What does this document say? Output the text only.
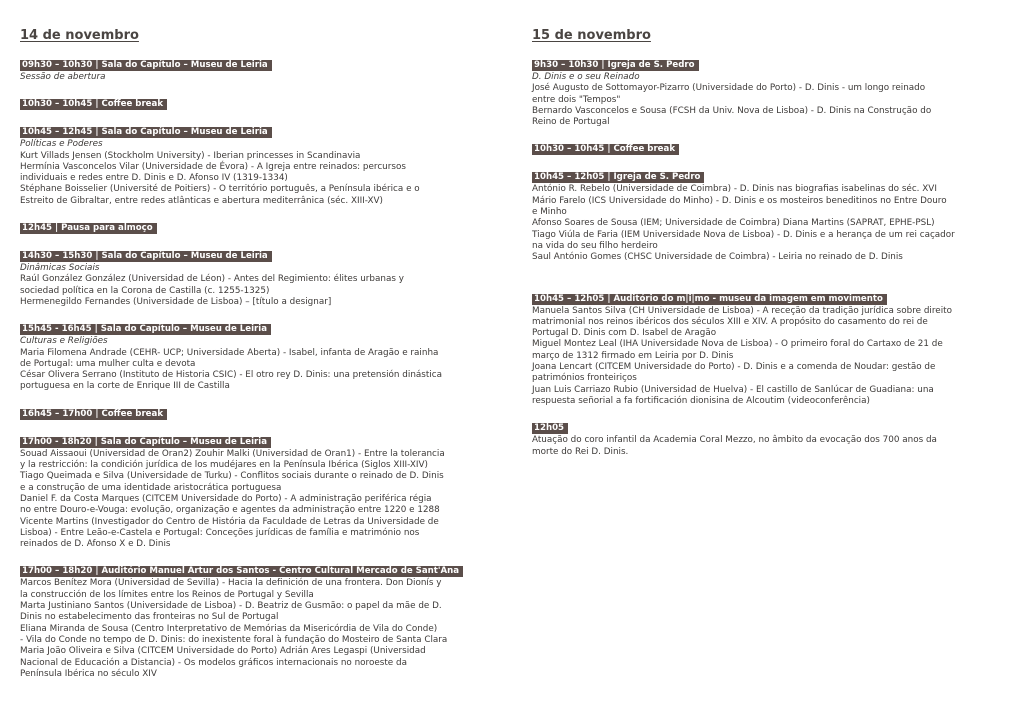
14 de novembro
09h30 – 10h30 | Sala do Capítulo – Museu de Leiria
Sessão de abertura
10h30 – 10h45 | Coffee break
10h45 – 12h45 | Sala do Capítulo – Museu de Leiria
Políticas e Poderes
Kurt Villads Jensen (Stockholm University) - Iberian princesses in Scandinavia
Hermínia Vasconcelos Vilar (Universidade de Évora) - A Igreja entre reinados: percursos
individuais e redes entre D. Dinis e D. Afonso IV (1319-1334)
Stéphane Boisselier (Université de Poitiers) - O território português, a Península ibérica e o
Estreito de Gibraltar, entre redes atlânticas e abertura mediterrânica (séc. XIII-XV)
12h45 | Pausa para almoço
14h30 – 15h30 | Sala do Capítulo – Museu de Leiria
Dinâmicas Sociais
Raúl González González (Universidad de Léon) - Antes del Regimiento: élites urbanas y
sociedad política en la Corona de Castilla (c. 1255-1325)
Hermenegildo Fernandes (Universidade de Lisboa) – [título a designar]
15h45 - 16h45 | Sala do Capítulo – Museu de Leiria
Culturas e Religiões
Maria Filomena Andrade (CEHR- UCP; Universidade Aberta) - Isabel, infanta de Aragão e rainha
de Portugal: uma mulher culta e devota
César Olivera Serrano (Instituto de Historia CSIC) - El otro rey D. Dinis: una pretensión dinástica
portuguesa en la corte de Enrique III de Castilla
16h45 – 17h00 | Coffee break
17h00 - 18h20 | Sala do Capítulo – Museu de Leiria
Souad Aissaoui (Universidad de Oran2) Zouhir Malki (Universidad de Oran1) - Entre la tolerancia
y la restricción: la condición jurídica de los mudéjares en la Península Ibérica (Siglos XIII-XIV)
Tiago Queimada e Silva (Universidade de Turku) - Conflitos sociais durante o reinado de D. Dinis
e a construção de uma identidade aristocrática portuguesa
Daniel F. da Costa Marques (CITCEM Universidade do Porto) - A administração periférica régia
no entre Douro-e-Vouga: evolução, organização e agentes da administração entre 1220 e 1288
Vicente Martins (Investigador do Centro de História da Faculdade de Letras da Universidade de
Lisboa) - Entre Leão-e-Castela e Portugal: Conceções jurídicas de família e matrimónio nos
reinados de D. Afonso X e D. Dinis
17h00 – 18h20 | Auditório Manuel Artur dos Santos - Centro Cultural Mercado de Sant'Ana
Marcos Benítez Mora (Universidad de Sevilla) - Hacia la definición de una frontera. Don Dionís y
la construcción de los límites entre los Reinos de Portugal y Sevilla
Marta Justiniano Santos (Universidade de Lisboa) - D. Beatriz de Gusmão: o papel da mãe de D.
Dinis no estabelecimento das fronteiras no Sul de Portugal
Eliana Miranda de Sousa (Centro Interpretativo de Memórias da Misericórdia de Vila do Conde)
- Vila do Conde no tempo de D. Dinis: do inexistente foral à fundação do Mosteiro de Santa Clara
Maria João Oliveira e Silva (CITCEM Universidade do Porto) Adrián Ares Legaspi (Universidad
Nacional de Educación a Distancia) - Os modelos gráficos internacionais no noroeste da
Península Ibérica no século XIV
15 de novembro
9h30 – 10h30 | Igreja de S. Pedro
D. Dinis e o seu Reinado
José Augusto de Sottomayor-Pizarro (Universidade do Porto) - D. Dinis - um longo reinado
entre dois "Tempos"
Bernardo Vasconcelos e Sousa (FCSH da Univ. Nova de Lisboa) - D. Dinis na Construção do
Reino de Portugal
10h30 – 10h45 | Coffee break
10h45 – 12h05 | Igreja de S. Pedro
António R. Rebelo (Universidade de Coimbra) - D. Dinis nas biografias isabelinas do séc. XVI
Mário Farelo (ICS Universidade do Minho) - D. Dinis e os mosteiros beneditinos no Entre Douro
e Minho
Afonso Soares de Sousa (IEM; Universidade de Coimbra) Diana Martins (SAPRAT, EPHE-PSL)
Tiago Viúla de Faria (IEM Universidade Nova de Lisboa) - D. Dinis e a herança de um rei caçador
na vida do seu filho herdeiro
Saul António Gomes (CHSC Universidade de Coimbra) - Leiria no reinado de D. Dinis
10h45 – 12h05 | Auditório do m|i|mo - museu da imagem em movimento
Manuela Santos Silva (CH Universidade de Lisboa) - A receção da tradição jurídica sobre direito
matrimonial nos reinos ibéricos dos séculos XIII e XIV. A propósito do casamento do rei de
Portugal D. Dinis com D. Isabel de Aragão
Miguel Montez Leal (IHA Universidade Nova de Lisboa) - O primeiro foral do Cartaxo de 21 de
março de 1312 firmado em Leiria por D. Dinis
Joana Lencart (CITCEM Universidade do Porto) - D. Dinis e a comenda de Noudar: gestão de
patrimónios fronteiriços
Juan Luis Carriazo Rubio (Universidad de Huelva) - El castillo de Sanlúcar de Guadiana: una
respuesta señorial a fa fortificación dionisina de Alcoutim (videoconferência)
12h05
Atuação do coro infantil da Academia Coral Mezzo, no âmbito da evocação dos 700 anos da
morte do Rei D. Dinis.
